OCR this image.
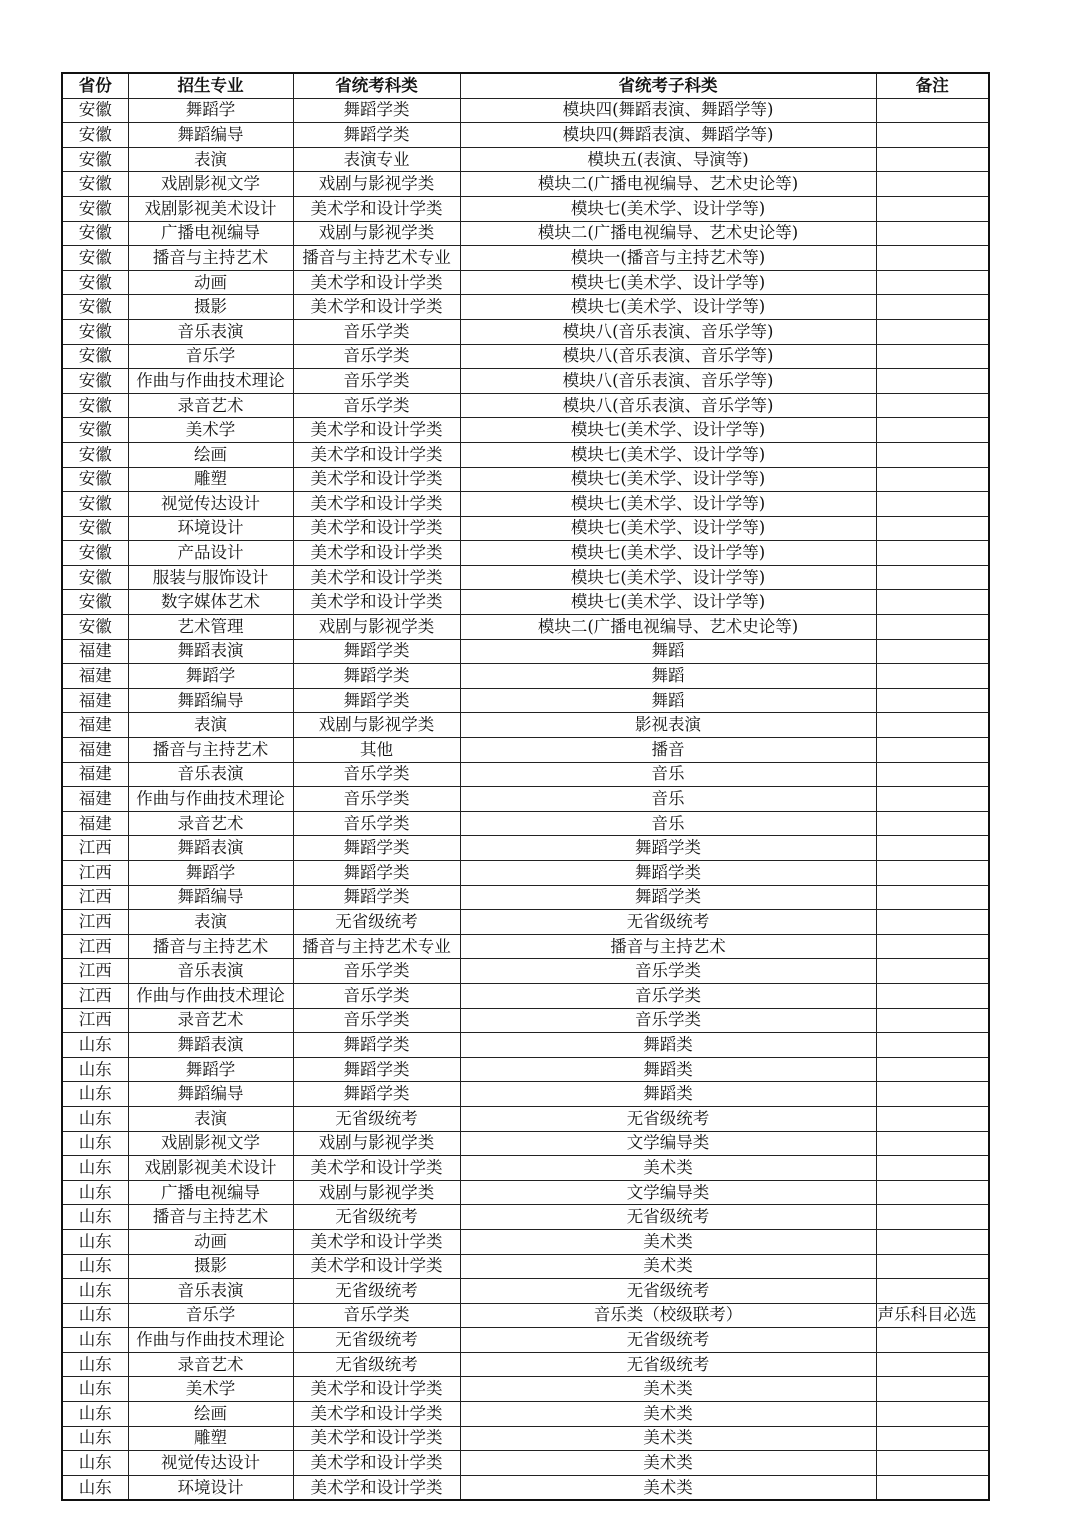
省份	招生专业	省统考科类	省统考子科类	备注
安徽	舞蹈学	舞蹈学类	模块四(舞蹈表演、舞蹈学等)	
安徽	舞蹈编导	舞蹈学类	模块四(舞蹈表演、舞蹈学等)	
安徽	表演	表演专业	模块五(表演、导演等)	
安徽	戏剧影视文学	戏剧与影视学类	模块二(广播电视编导、艺术史论等)	
安徽	戏剧影视美术设计	美术学和设计学类	模块七(美术学、设计学等)	
安徽	广播电视编导	戏剧与影视学类	模块二(广播电视编导、艺术史论等)	
安徽	播音与主持艺术	播音与主持艺术专业	模块一(播音与主持艺术等)	
安徽	动画	美术学和设计学类	模块七(美术学、设计学等)	
安徽	摄影	美术学和设计学类	模块七(美术学、设计学等)	
安徽	音乐表演	音乐学类	模块八(音乐表演、音乐学等)	
安徽	音乐学	音乐学类	模块八(音乐表演、音乐学等)	
安徽	作曲与作曲技术理论	音乐学类	模块八(音乐表演、音乐学等)	
安徽	录音艺术	音乐学类	模块八(音乐表演、音乐学等)	
安徽	美术学	美术学和设计学类	模块七(美术学、设计学等)	
安徽	绘画	美术学和设计学类	模块七(美术学、设计学等)	
安徽	雕塑	美术学和设计学类	模块七(美术学、设计学等)	
安徽	视觉传达设计	美术学和设计学类	模块七(美术学、设计学等)	
安徽	环境设计	美术学和设计学类	模块七(美术学、设计学等)	
安徽	产品设计	美术学和设计学类	模块七(美术学、设计学等)	
安徽	服装与服饰设计	美术学和设计学类	模块七(美术学、设计学等)	
安徽	数字媒体艺术	美术学和设计学类	模块七(美术学、设计学等)	
安徽	艺术管理	戏剧与影视学类	模块二(广播电视编导、艺术史论等)	
福建	舞蹈表演	舞蹈学类	舞蹈	
福建	舞蹈学	舞蹈学类	舞蹈	
福建	舞蹈编导	舞蹈学类	舞蹈	
福建	表演	戏剧与影视学类	影视表演	
福建	播音与主持艺术	其他	播音	
福建	音乐表演	音乐学类	音乐	
福建	作曲与作曲技术理论	音乐学类	音乐	
福建	录音艺术	音乐学类	音乐	
江西	舞蹈表演	舞蹈学类	舞蹈学类	
江西	舞蹈学	舞蹈学类	舞蹈学类	
江西	舞蹈编导	舞蹈学类	舞蹈学类	
江西	表演	无省级统考	无省级统考	
江西	播音与主持艺术	播音与主持艺术专业	播音与主持艺术	
江西	音乐表演	音乐学类	音乐学类	
江西	作曲与作曲技术理论	音乐学类	音乐学类	
江西	录音艺术	音乐学类	音乐学类	
山东	舞蹈表演	舞蹈学类	舞蹈类	
山东	舞蹈学	舞蹈学类	舞蹈类	
山东	舞蹈编导	舞蹈学类	舞蹈类	
山东	表演	无省级统考	无省级统考	
山东	戏剧影视文学	戏剧与影视学类	文学编导类	
山东	戏剧影视美术设计	美术学和设计学类	美术类	
山东	广播电视编导	戏剧与影视学类	文学编导类	
山东	播音与主持艺术	无省级统考	无省级统考	
山东	动画	美术学和设计学类	美术类	
山东	摄影	美术学和设计学类	美术类	
山东	音乐表演	无省级统考	无省级统考	
山东	音乐学	音乐学类	音乐类（校级联考）	声乐科目必选
山东	作曲与作曲技术理论	无省级统考	无省级统考	
山东	录音艺术	无省级统考	无省级统考	
山东	美术学	美术学和设计学类	美术类	
山东	绘画	美术学和设计学类	美术类	
山东	雕塑	美术学和设计学类	美术类	
山东	视觉传达设计	美术学和设计学类	美术类	
山东	环境设计	美术学和设计学类	美术类	
